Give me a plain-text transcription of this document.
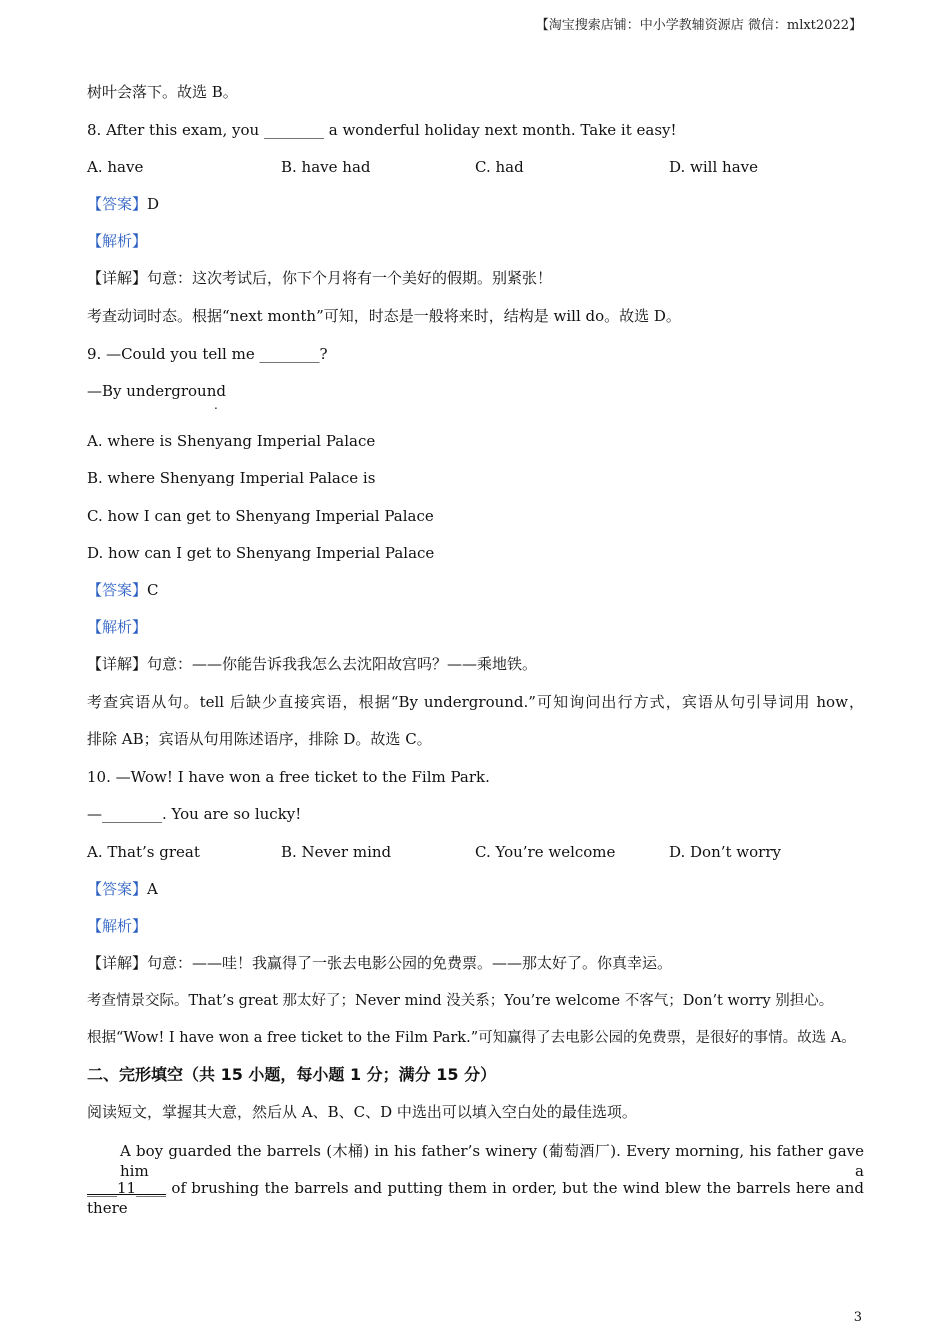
【淘宝搜索店铺：中小学教辅资源店 微信：mlxt2022】
树叶会落下。故选 B。
8. After this exam, you ________ a wonderful holiday next month. Take it easy!
A. have	B. have had	C. had	D. will have
【答案】D
【解析】
【详解】句意：这次考试后，你下个月将有一个美好的假期。别紧张！
考查动词时态。根据“next month”可知，时态是一般将来时，结构是 will do。故选 D。
9. —Could you tell me ________?
—By underground
.
A. where is Shenyang Imperial Palace
B. where Shenyang Imperial Palace is
C. how I can get to Shenyang Imperial Palace
D. how can I get to Shenyang Imperial Palace
【答案】C
【解析】
【详解】句意：——你能告诉我我怎么去沈阳故宫吗？——乘地铁。
考查宾语从句。tell 后缺少直接宾语，根据“By underground.”可知询问出行方式，宾语从句引导词用 how，
排除 AB；宾语从句用陈述语序，排除 D。故选 C。
10. —Wow! I have won a free ticket to the Film Park.
—________. You are so lucky!
A. That’s great	B. Never mind	C. You’re welcome	D. Don’t worry
【答案】A
【解析】
【详解】句意：——哇！我赢得了一张去电影公园的免费票。——那太好了。你真幸运。
考查情景交际。That’s great 那太好了；Never mind 没关系；You’re welcome 不客气；Don’t worry 别担心。
根据“Wow! I have won a free ticket to the Film Park.”可知赢得了去电影公园的免费票，是很好的事情。故选 A。
二、完形填空（共 15 小题，每小题 1 分；满分 15 分）
阅读短文，掌握其大意，然后从 A、B、C、D 中选出可以填入空白处的最佳选项。
A boy guarded the barrels (木桶) in his father’s winery (葡萄酒厂). Every morning, his father gave him a
____11____ of brushing the barrels and putting them in order, but the wind blew the barrels here and there
3
